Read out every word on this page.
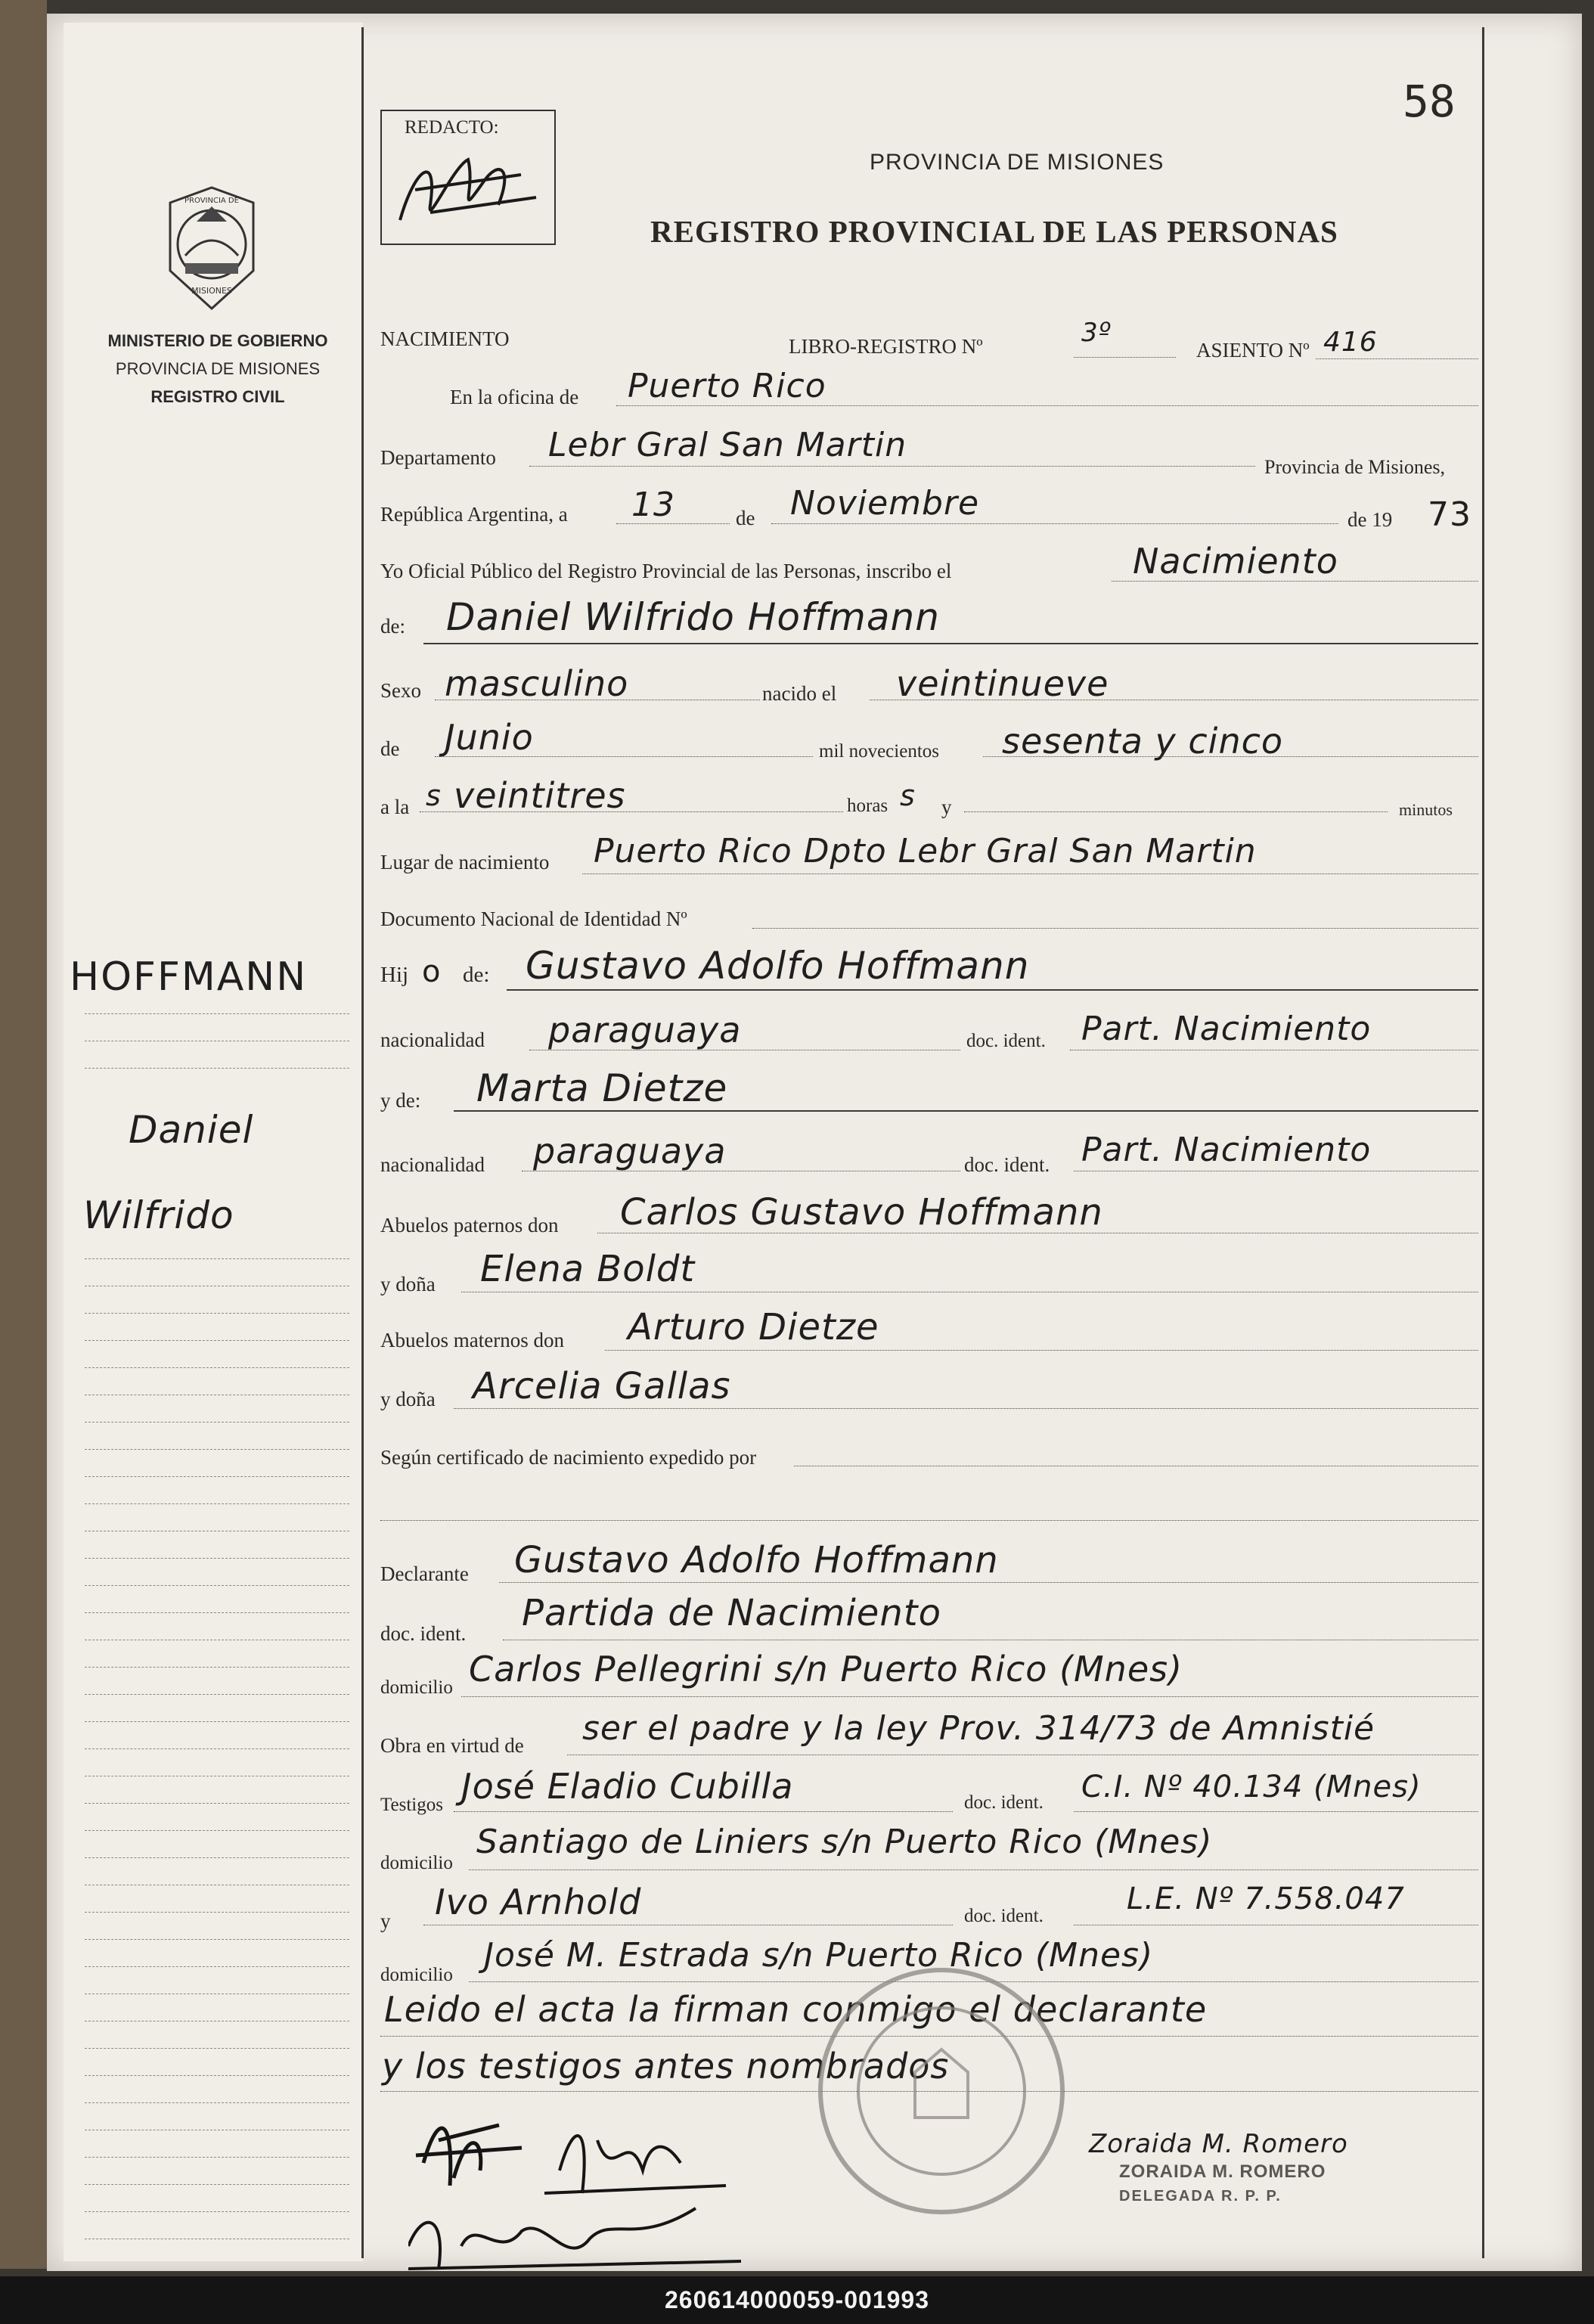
58
REDACTO:
PROVINCIA DE MISIONES
REGISTRO PROVINCIAL DE LAS PERSONAS
PROVINCIA DE
MISIONES
MINISTERIO DE GOBIERNO
PROVINCIA DE MISIONES
REGISTRO CIVIL
HOFFMANN
Daniel
Wilfrido
NACIMIENTO	LIBRO-REGISTRO Nº	3º
ASIENTO Nº 416
En la oficina de Puerto Rico
Departamento Lebr Gral San Martin
Provincia de Misiones,
República Argentina, a 13	de Noviembre	de 19 73
Yo Oficial Público del Registro Provincial de las Personas, inscribo el	Nacimiento
de: Daniel Wilfrido Hoffmann
Sexo masculino	nacido el veintinueve
de Junio	mil novecientos sesenta y cinco
a la s veintitres	horas s y	minutos
Lugar de nacimiento Puerto Rico Dpto Lebr Gral San Martin
Documento Nacional de Identidad Nº
Hij o de: Gustavo Adolfo Hoffmann
nacionalidad paraguaya	doc. ident. Part. Nacimiento
y de: Marta Dietze
nacionalidad paraguaya	doc. ident. Part. Nacimiento
Abuelos paternos don Carlos Gustavo Hoffmann
y doña Elena Boldt
Abuelos maternos don Arturo Dietze
y doña Arcelia Gallas
Según certificado de nacimiento expedido por
Declarante Gustavo Adolfo Hoffmann
doc. ident. Partida de Nacimiento
domicilio Carlos Pellegrini s/n Puerto Rico (Mnes)
Obra en virtud de ser el padre y la ley Prov. 314/73 de Amnistié
Testigos José Eladio Cubilla	doc. ident. C.I. Nº 40.134 (Mnes)
domicilio
Santiago de Liniers s/n Puerto Rico (Mnes)
y Ivo Arnhold	doc. ident.	L.E. Nº 7.558.047
domicilio
José M. Estrada s/n Puerto Rico (Mnes)
Leido el acta la firman conmigo el declarante
y los testigos antes nombrados
Zoraida M. Romero
ZORAIDA M. ROMERO
DELEGADA R. P. P.
260614000059-001993
